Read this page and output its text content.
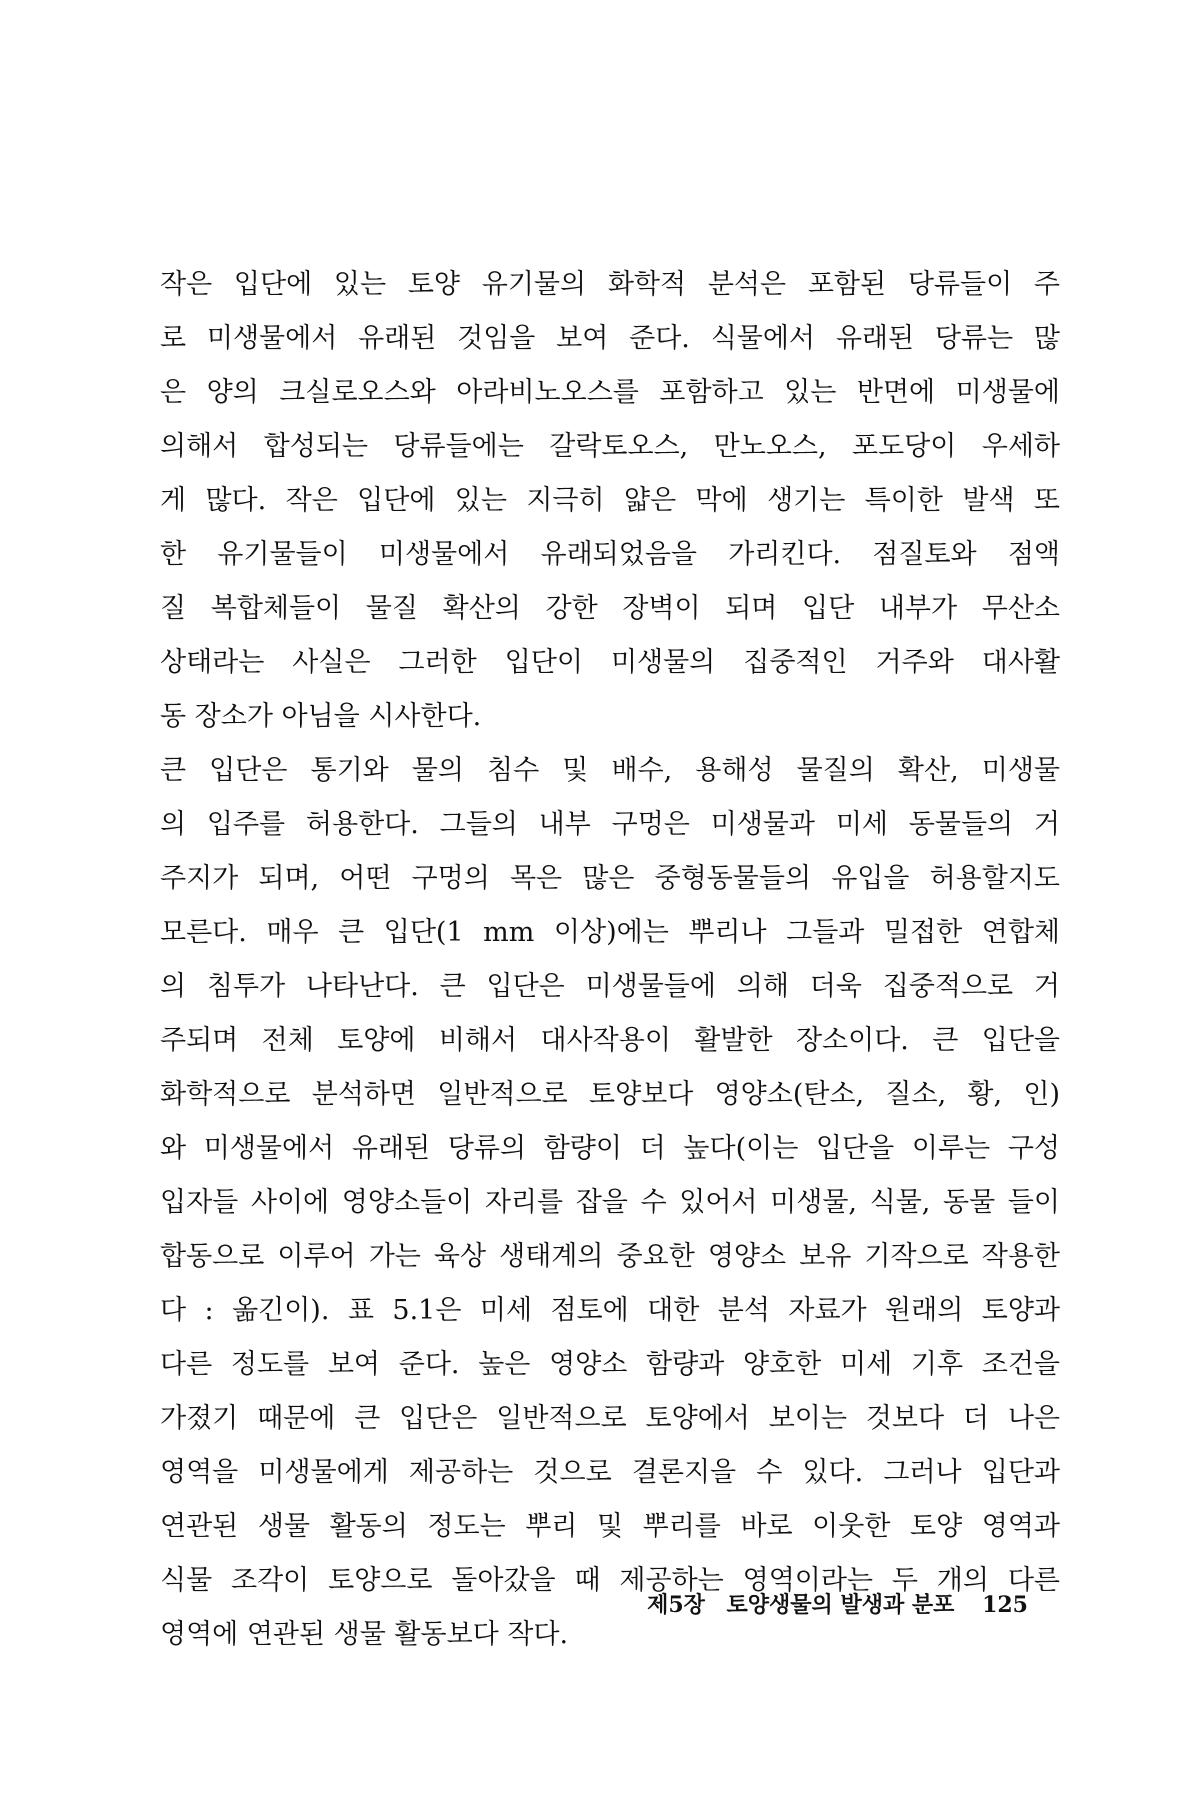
작은 입단에 있는 토양 유기물의 화학적 분석은 포함된 당류들이 주
로 미생물에서 유래된 것임을 보여 준다. 식물에서 유래된 당류는 많
은 양의 크실로오스와 아라비노오스를 포함하고 있는 반면에 미생물에
의해서 합성되는 당류들에는 갈락토오스, 만노오스, 포도당이 우세하
게 많다. 작은 입단에 있는 지극히 얇은 막에 생기는 특이한 발색 또
한 유기물들이 미생물에서 유래되었음을 가리킨다. 점질토와 점액
질 복합체들이 물질 확산의 강한 장벽이 되며 입단 내부가 무산소
상태라는 사실은 그러한 입단이 미생물의 집중적인 거주와 대사활
동 장소가 아님을 시사한다.
큰 입단은 통기와 물의 침수 및 배수, 용해성 물질의 확산, 미생물
의 입주를 허용한다. 그들의 내부 구멍은 미생물과 미세 동물들의 거
주지가 되며, 어떤 구멍의 목은 많은 중형동물들의 유입을 허용할지도
모른다. 매우 큰 입단(1 mm 이상)에는 뿌리나 그들과 밀접한 연합체
의 침투가 나타난다. 큰 입단은 미생물들에 의해 더욱 집중적으로 거
주되며 전체 토양에 비해서 대사작용이 활발한 장소이다. 큰 입단을
화학적으로 분석하면 일반적으로 토양보다 영양소(탄소, 질소, 황, 인)
와 미생물에서 유래된 당류의 함량이 더 높다(이는 입단을 이루는 구성
입자들 사이에 영양소들이 자리를 잡을 수 있어서 미생물, 식물, 동물 들이
합동으로 이루어 가는 육상 생태계의 중요한 영양소 보유 기작으로 작용한
다 : 옮긴이). 표 5.1은 미세 점토에 대한 분석 자료가 원래의 토양과
다른 정도를 보여 준다. 높은 영양소 함량과 양호한 미세 기후 조건을
가졌기 때문에 큰 입단은 일반적으로 토양에서 보이는 것보다 더 나은
영역을 미생물에게 제공하는 것으로 결론지을 수 있다. 그러나 입단과
연관된 생물 활동의 정도는 뿌리 및 뿌리를 바로 이웃한 토양 영역과
식물 조각이 토양으로 돌아갔을 때 제공하는 영역이라는 두 개의 다른
영역에 연관된 생물 활동보다 작다.
제5장 토양생물의 발생과 분포 125
